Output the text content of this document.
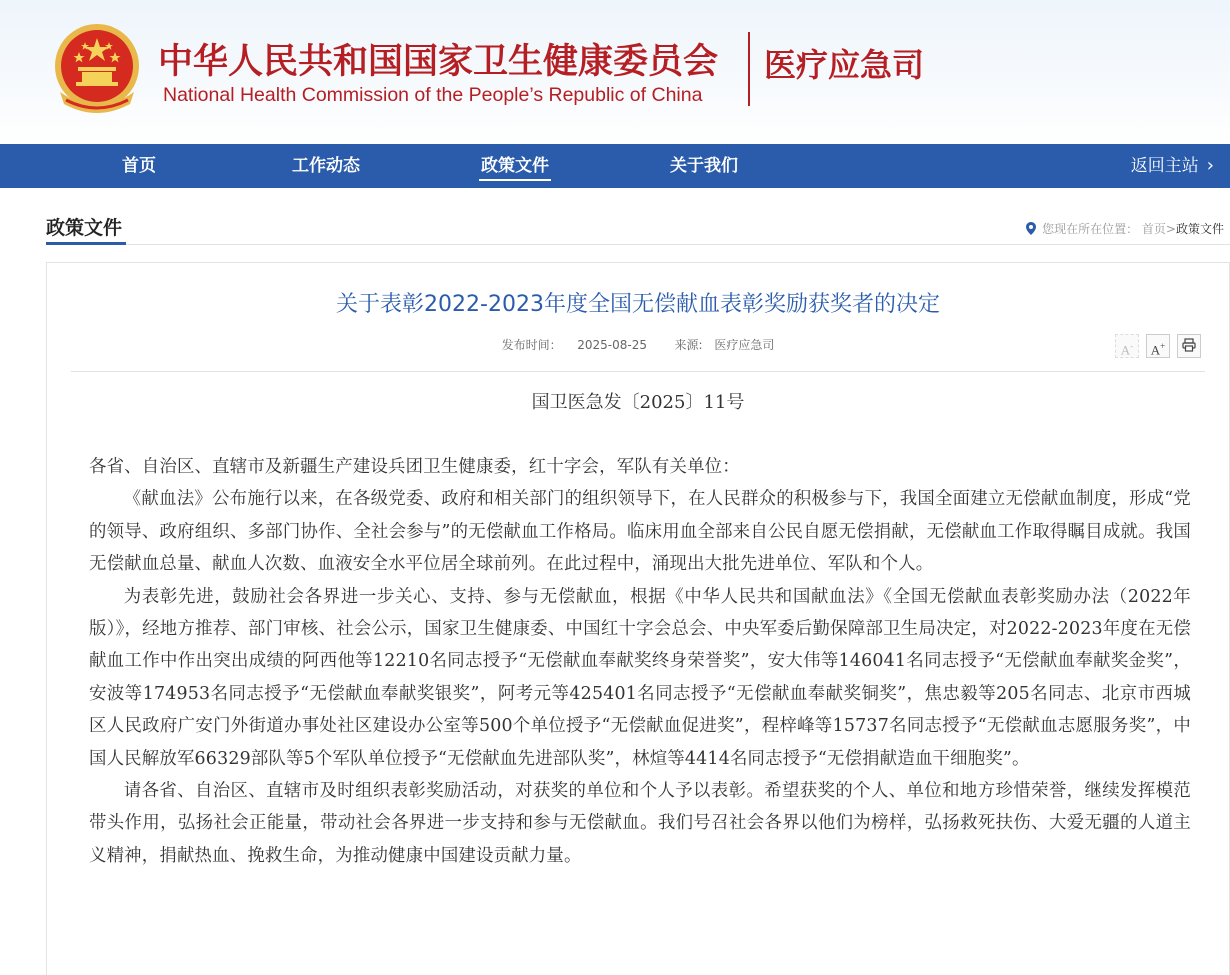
中华人民共和国国家卫生健康委员会
National Health Commission of the People’s Republic of China
医疗应急司
首页	工作动态	政策文件	关于我们	返回主站 ›
政策文件	您现在所在位置： 首页>政策文件
关于表彰2022-2023年度全国无偿献血表彰奖励获奖者的决定
发布时间： 2025-08-25 来源: 医疗应急司	A-	A+
国卫医急发〔2025〕11号

各省、自治区、直辖市及新疆生产建设兵团卫生健康委，红十字会，军队有关单位：

《献血法》公布施行以来，在各级党委、政府和相关部门的组织领导下，在人民群众的积极参与下，我国全面建立无偿献血制度，形成“党的领导、政府组织、多部门协作、全社会参与”的无偿献血工作格局。临床用血全部来自公民自愿无偿捐献，无偿献血工作取得瞩目成就。我国无偿献血总量、献血人次数、血液安全水平位居全球前列。在此过程中，涌现出大批先进单位、军队和个人。

为表彰先进，鼓励社会各界进一步关心、支持、参与无偿献血，根据《中华人民共和国献血法》《全国无偿献血表彰奖励办法（2022年版）》，经地方推荐、部门审核、社会公示，国家卫生健康委、中国红十字会总会、中央军委后勤保障部卫生局决定，对2022-2023年度在无偿献血工作中作出突出成绩的阿西他等12210名同志授予“无偿献血奉献奖终身荣誉奖”，安大伟等146041名同志授予“无偿献血奉献奖金奖”，安波等174953名同志授予“无偿献血奉献奖银奖”，阿考元等425401名同志授予“无偿献血奉献奖铜奖”，焦忠毅等205名同志、北京市西城区人民政府广安门外街道办事处社区建设办公室等500个单位授予“无偿献血促进奖”，程梓峰等15737名同志授予“无偿献血志愿服务奖”，中国人民解放军66329部队等5个军队单位授予“无偿献血先进部队奖”，林煊等4414名同志授予“无偿捐献造血干细胞奖”。

请各省、自治区、直辖市及时组织表彰奖励活动，对获奖的单位和个人予以表彰。希望获奖的个人、单位和地方珍惜荣誉，继续发挥模范带头作用，弘扬社会正能量，带动社会各界进一步支持和参与无偿献血。我们号召社会各界以他们为榜样，弘扬救死扶伤、大爱无疆的人道主义精神，捐献热血、挽救生命，为推动健康中国建设贡献力量。
